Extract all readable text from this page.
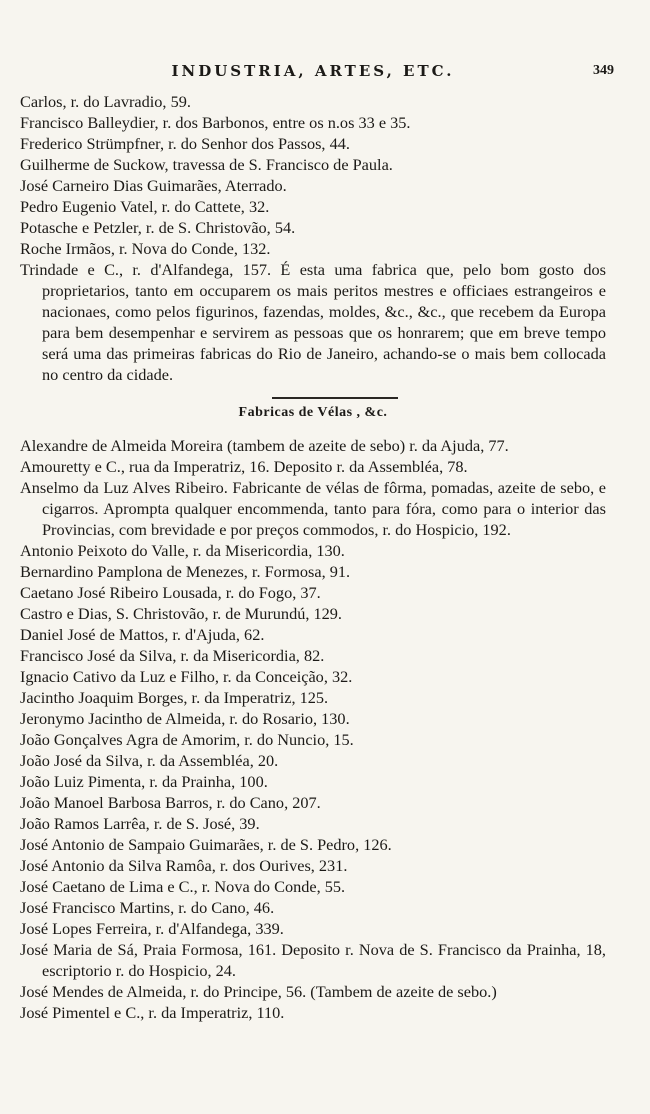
INDUSTRIA, ARTES, ETC.	349

Carlos, r. do Lavradio, 59.

Francisco Balleydier, r. dos Barbonos, entre os n.os 33 e 35.

Frederico Strümpfner, r. do Senhor dos Passos, 44.

Guilherme de Suckow, travessa de S. Francisco de Paula.

José Carneiro Dias Guimarães, Aterrado.

Pedro Eugenio Vatel, r. do Cattete, 32.

Potasche e Petzler, r. de S. Christovão, 54.

Roche Irmãos, r. Nova do Conde, 132.

Trindade e C., r. d'Alfandega, 157. É esta uma fabrica que, pelo bom gosto dos proprietarios, tanto em occuparem os mais peritos mestres e officiaes estrangeiros e nacionaes, como pelos figurinos, fazendas, moldes, &c., &c., que recebem da Europa para bem desempenhar e servirem as pessoas que os honrarem; que em breve tempo será uma das primeiras fabricas do Rio de Janeiro, achando-se o mais bem collocada no centro da cidade.

Fabricas de Vélas , &c.

Alexandre de Almeida Moreira (tambem de azeite de sebo) r. da Ajuda, 77.

Amouretty e C., rua da Imperatriz, 16. Deposito r. da Assembléa, 78.

Anselmo da Luz Alves Ribeiro. Fabricante de vélas de fôrma, pomadas, azeite de sebo, e cigarros. Aprompta qualquer encommenda, tanto para fóra, como para o interior das Provincias, com brevidade e por preços commodos, r. do Hospicio, 192.

Antonio Peixoto do Valle, r. da Misericordia, 130.

Bernardino Pamplona de Menezes, r. Formosa, 91.

Caetano José Ribeiro Lousada, r. do Fogo, 37.

Castro e Dias, S. Christovão, r. de Murundú, 129.

Daniel José de Mattos, r. d'Ajuda, 62.

Francisco José da Silva, r. da Misericordia, 82.

Ignacio Cativo da Luz e Filho, r. da Conceição, 32.

Jacintho Joaquim Borges, r. da Imperatriz, 125.

Jeronymo Jacintho de Almeida, r. do Rosario, 130.

João Gonçalves Agra de Amorim, r. do Nuncio, 15.

João José da Silva, r. da Assembléa, 20.

João Luiz Pimenta, r. da Prainha, 100.

João Manoel Barbosa Barros, r. do Cano, 207.

João Ramos Larrêa, r. de S. José, 39.

José Antonio de Sampaio Guimarães, r. de S. Pedro, 126.

José Antonio da Silva Ramôa, r. dos Ourives, 231.

José Caetano de Lima e C., r. Nova do Conde, 55.

José Francisco Martins, r. do Cano, 46.

José Lopes Ferreira, r. d'Alfandega, 339.

José Maria de Sá, Praia Formosa, 161. Deposito r. Nova de S. Francisco da Prainha, 18, escriptorio r. do Hospicio, 24.

José Mendes de Almeida, r. do Principe, 56. (Tambem de azeite de sebo.)

José Pimentel e C., r. da Imperatriz, 110.
